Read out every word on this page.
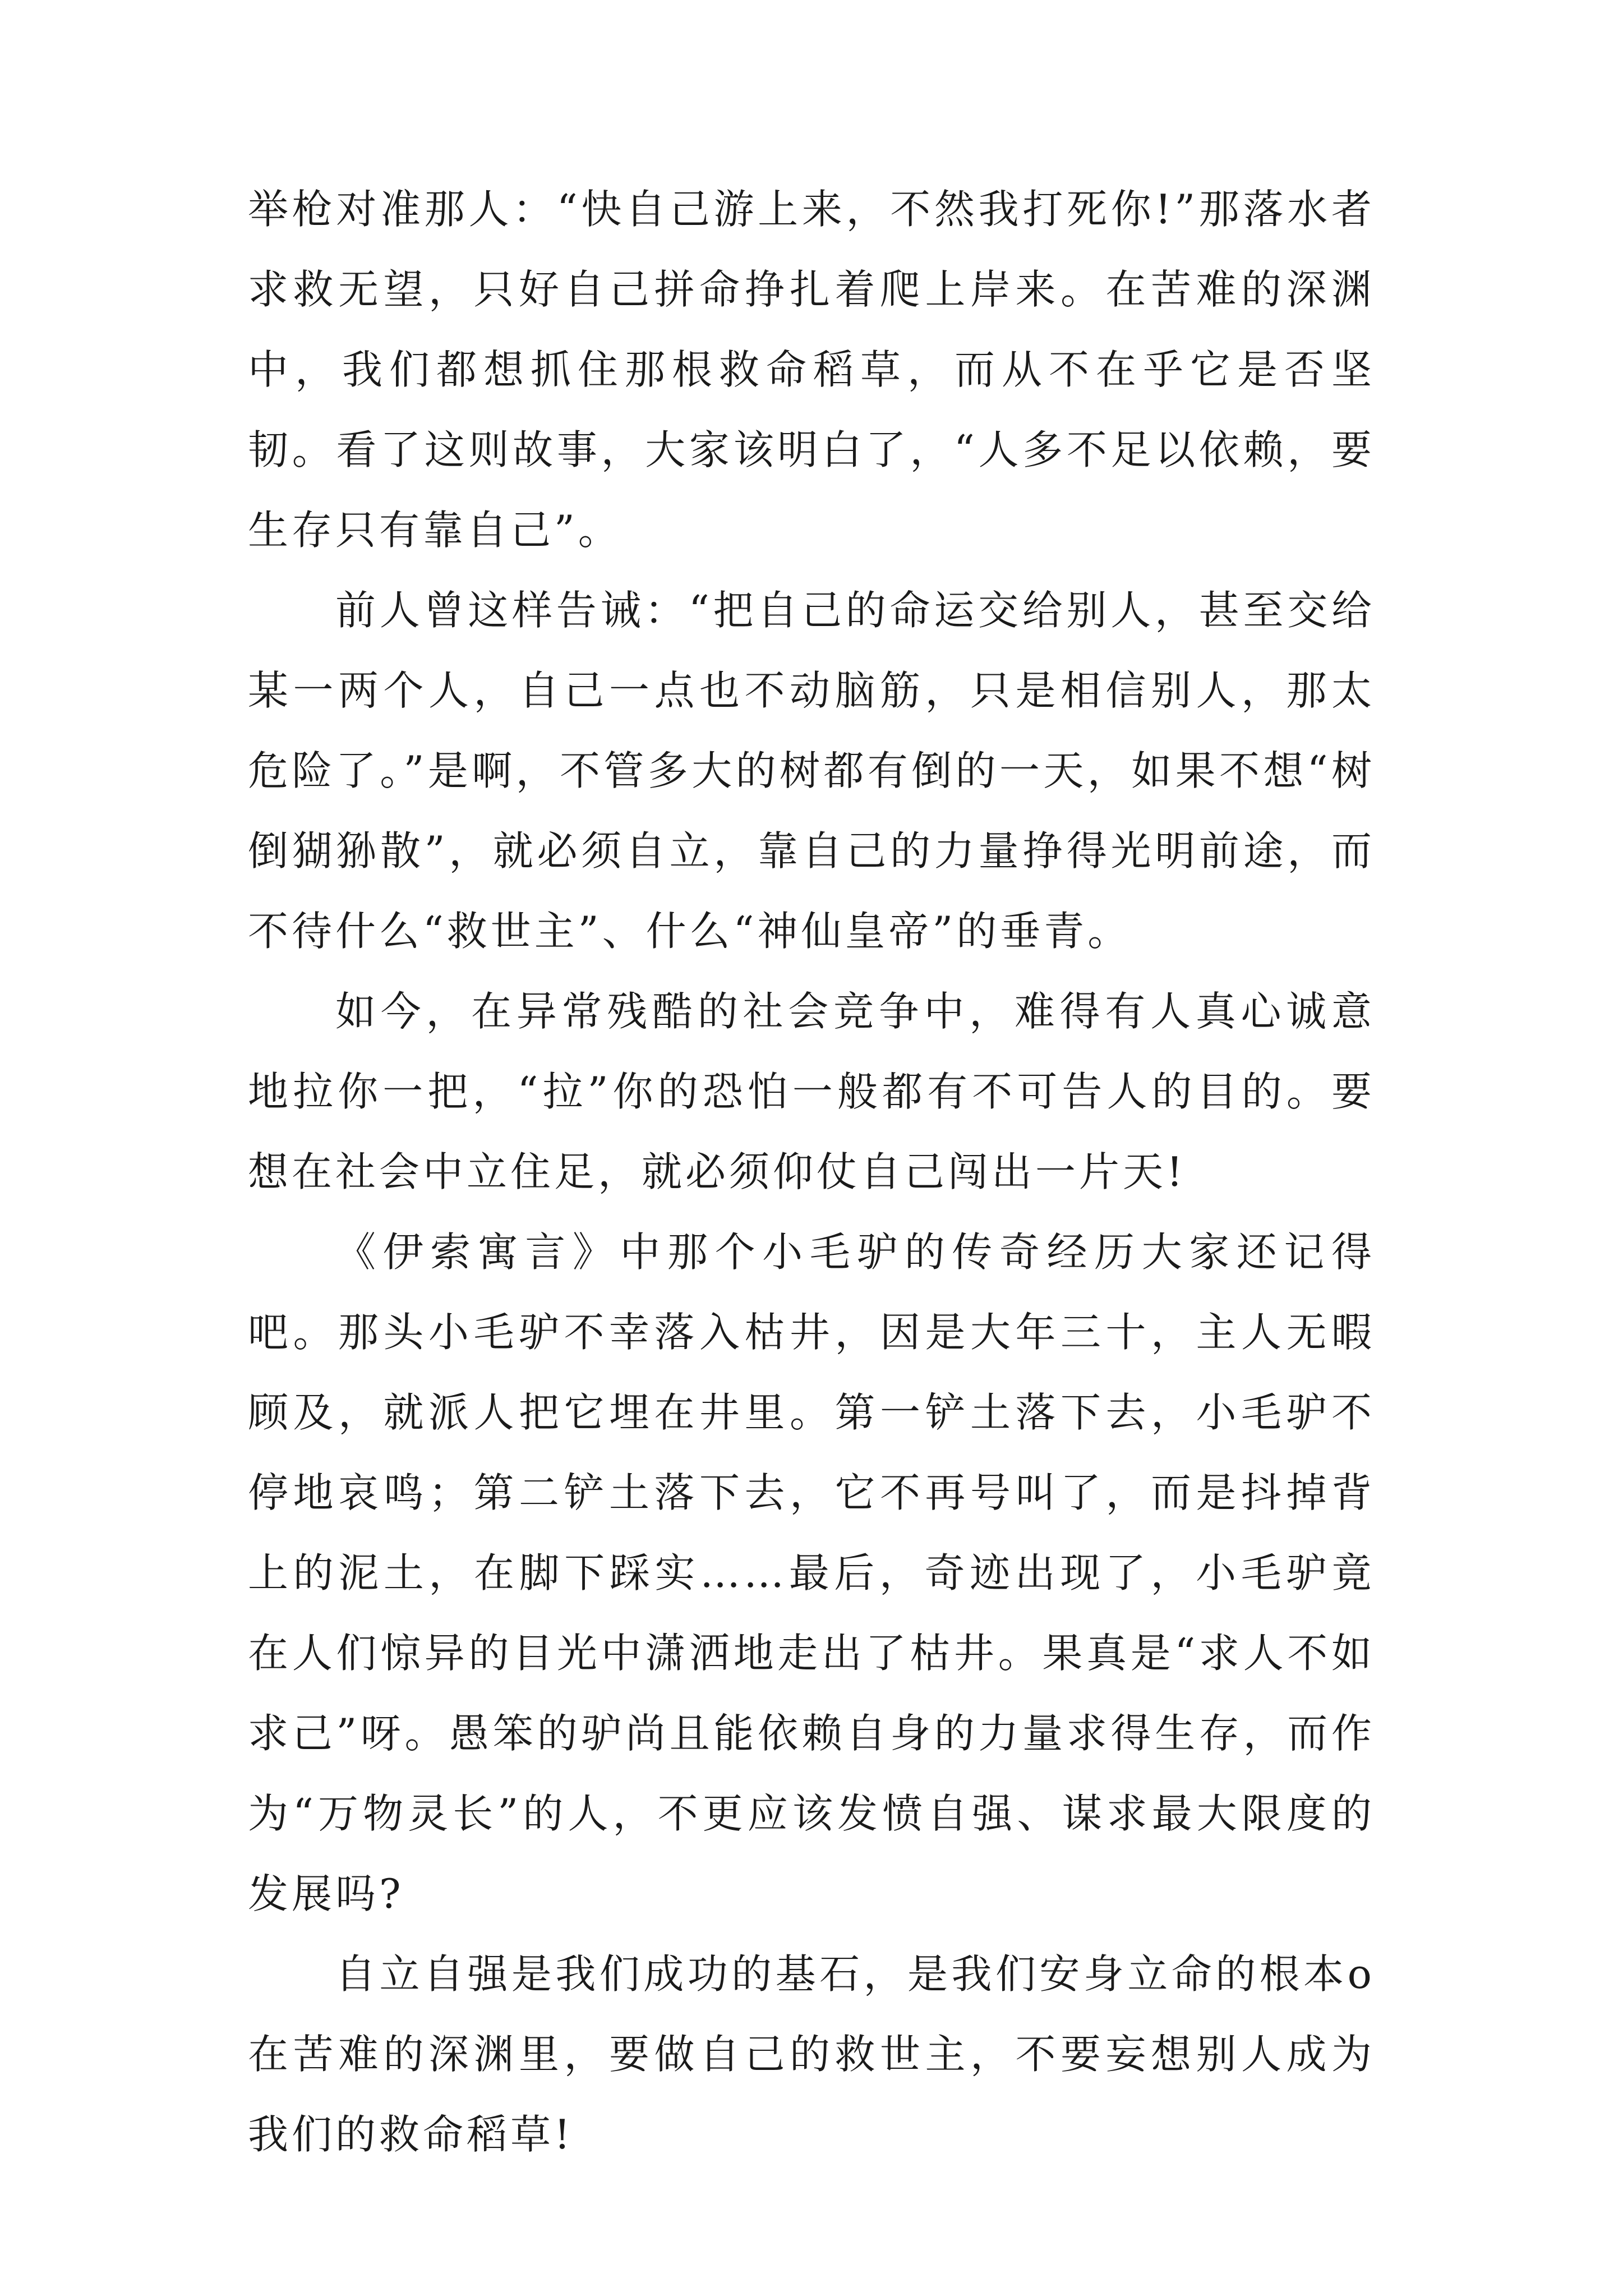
举枪对准那人：“快自己游上来，不然我打死你!”那落水者求救无望，只好自己拼命挣扎着爬上岸来。在苦难的深渊中，我们都想抓住那根救命稻草，而从不在乎它是否坚韧。看了这则故事，大家该明白了，“人多不足以依赖，要生存只有靠自己”。

前人曾这样告诫：“把自己的命运交给别人，甚至交给某一两个人，自己一点也不动脑筋，只是相信别人，那太危险了。”是啊，不管多大的树都有倒的一天，如果不想“树倒猢狲散”，就必须自立，靠自己的力量挣得光明前途，而不待什么“救世主”、什么“神仙皇帝”的垂青。

如今，在异常残酷的社会竞争中，难得有人真心诚意地拉你一把，“拉”你的恐怕一般都有不可告人的目的。要想在社会中立住足，就必须仰仗自己闯出一片天!

《伊索寓言》中那个小毛驴的传奇经历大家还记得吧。那头小毛驴不幸落入枯井，因是大年三十，主人无暇顾及，就派人把它埋在井里。第一铲土落下去，小毛驴不停地哀鸣；第二铲土落下去，它不再号叫了，而是抖掉背上的泥土，在脚下踩实……最后，奇迹出现了，小毛驴竟在人们惊异的目光中潇洒地走出了枯井。果真是“求人不如求己”呀。愚笨的驴尚且能依赖自身的力量求得生存，而作为“万物灵长”的人，不更应该发愤自强、谋求最大限度的发展吗?

自立自强是我们成功的基石，是我们安身立命的根本o在苦难的深渊里，要做自己的救世主，不要妄想别人成为我们的救命稻草!
